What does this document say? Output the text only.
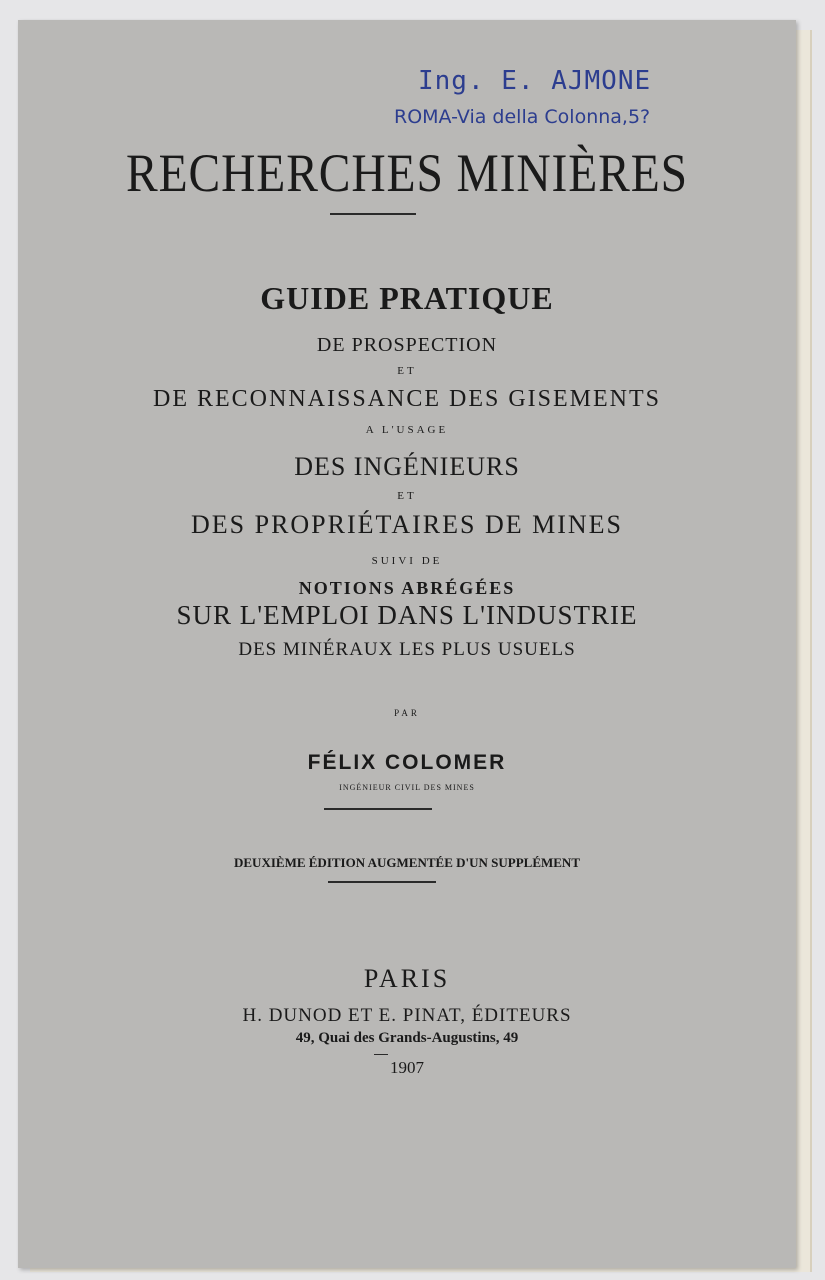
Ing. E. AJMONE
ROMA-Via della Colonna,5?
RECHERCHES MINIÈRES
GUIDE PRATIQUE
DE PROSPECTION
ET
DE RECONNAISSANCE DES GISEMENTS
A L'USAGE
DES INGÉNIEURS
ET
DES PROPRIÉTAIRES DE MINES
SUIVI DE
NOTIONS ABRÉGÉES
SUR L'EMPLOI DANS L'INDUSTRIE
DES MINÉRAUX LES PLUS USUELS
PAR
FÉLIX COLOMER
INGÉNIEUR CIVIL DES MINES
DEUXIÈME ÉDITION AUGMENTÉE D'UN SUPPLÉMENT
PARIS
H. DUNOD ET E. PINAT, ÉDITEURS
49, Quai des Grands-Augustins, 49
1907
